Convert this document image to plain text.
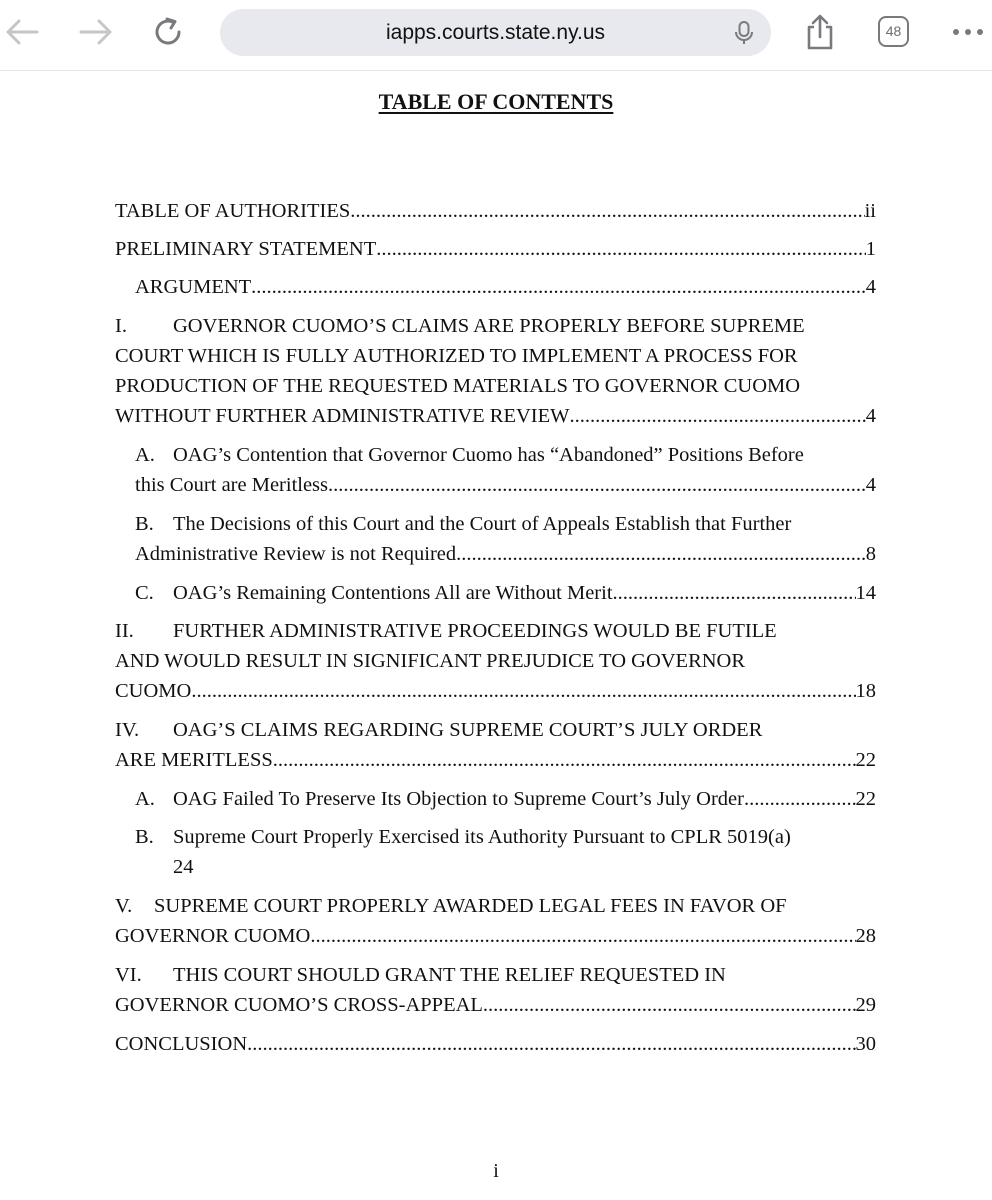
iapps.courts.state.ny.us	48
TABLE OF CONTENTS
TABLE OF AUTHORITIES .....	ii
PRELIMINARY STATEMENT .....	1
ARGUMENT .....	4
I.	GOVERNOR CUOMO’S CLAIMS ARE PROPERLY BEFORE SUPREME
COURT WHICH IS FULLY AUTHORIZED TO IMPLEMENT A PROCESS FOR
PRODUCTION OF THE REQUESTED MATERIALS TO GOVERNOR CUOMO
WITHOUT FURTHER ADMINISTRATIVE REVIEW .....	4
A. OAG’s Contention that Governor Cuomo has “Abandoned” Positions Before
this Court are Meritless .....	4
B. The Decisions of this Court and the Court of Appeals Establish that Further
Administrative Review is not Required .....	8
C. OAG’s Remaining Contentions All are Without Merit .....	14
II.	FURTHER ADMINISTRATIVE PROCEEDINGS WOULD BE FUTILE
AND WOULD RESULT IN SIGNIFICANT PREJUDICE TO GOVERNOR
CUOMO. .....	18
IV.	OAG’S CLAIMS REGARDING SUPREME COURT’S JULY ORDER
ARE MERITLESS .....	22
A. OAG Failed To Preserve Its Objection to Supreme Court’s July Order .....	22
B. Supreme Court Properly Exercised its Authority Pursuant to CPLR 5019(a)
24
V.	SUPREME COURT PROPERLY AWARDED LEGAL FEES IN FAVOR OF
GOVERNOR CUOMO .....	28
VI.	THIS COURT SHOULD GRANT THE RELIEF REQUESTED IN
GOVERNOR CUOMO’S CROSS-APPEAL .....	29
CONCLUSION .....	30
i
